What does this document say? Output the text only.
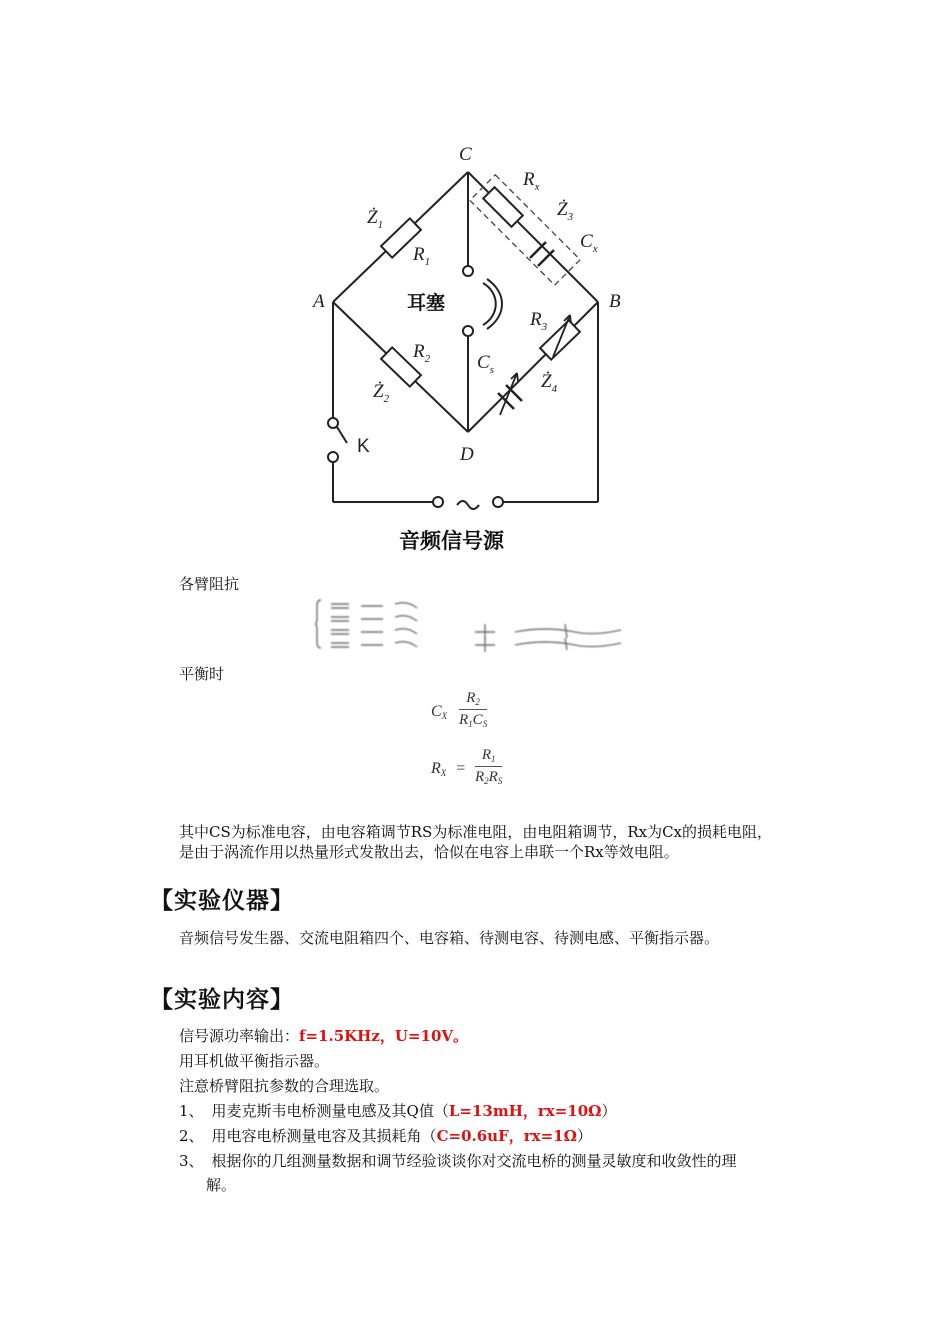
C
A	B
D
$Ż_1$
$R_1$
$R_x$
$Ż_3$
$C_x$
$R_2$
$Ż_2$
$R_3$
$C_s$
$Ż_4$
K
耳塞
音频信号源
各臂阻抗
平衡时
$C_X \frac{R_2}{R_1C_S}$
$R_X = \frac{R_1}{R_2R_S}$
其中CS为标准电容，由电容箱调节RS为标准电阻，由电阻箱调节，Rx为Cx的损耗电阻，
是由于涡流作用以热量形式发散出去，恰似在电容上串联一个Rx等效电阻。
【实验仪器】
音频信号发生器、交流电阻箱四个、电容箱、待测电容、待测电感、平衡指示器。
【实验内容】
信号源功率输出：f=1.5KHz，U=10V。
用耳机做平衡指示器。
注意桥臂阻抗参数的合理选取。
1、 用麦克斯韦电桥测量电感及其Q值（L=13mH，rx=10Ω）
2、 用电容电桥测量电容及其损耗角（C=0.6uF，rx=1Ω）
3、 根据你的几组测量数据和调节经验谈谈你对交流电桥的测量灵敏度和收敛性的理
解。
